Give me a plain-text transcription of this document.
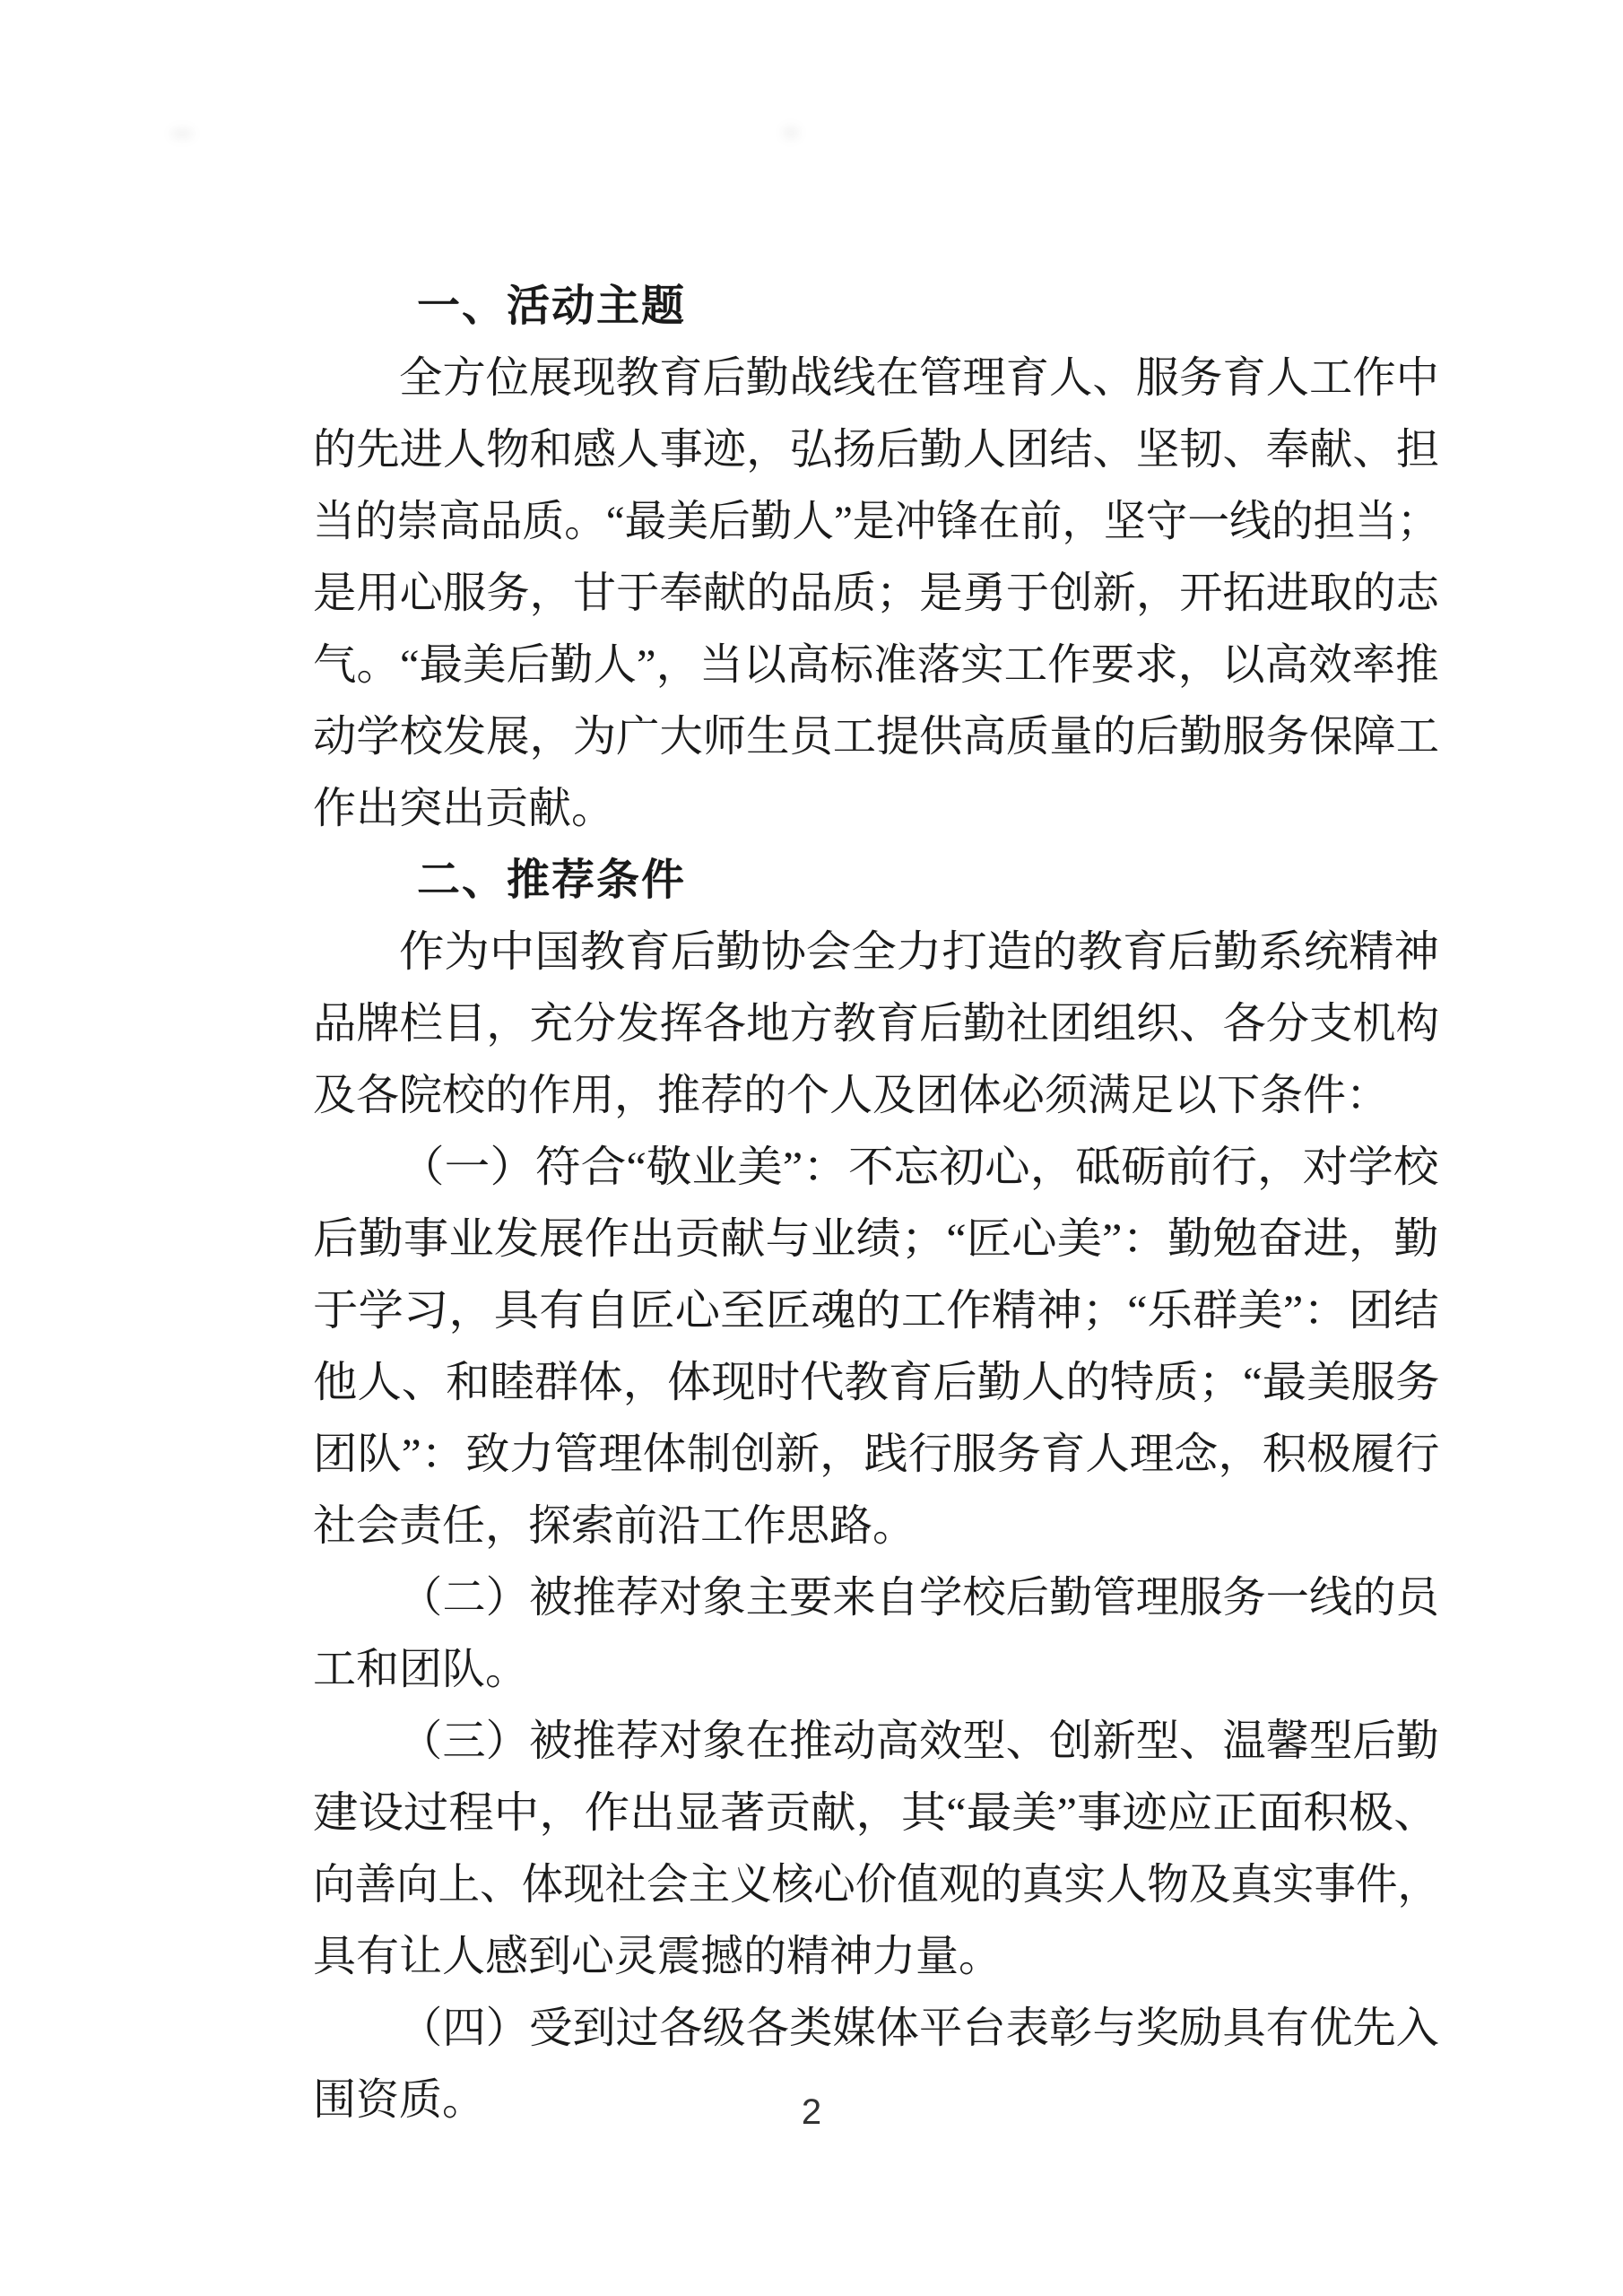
一、活动主题

全方位展现教育后勤战线在管理育人、服务育人工作中

的先进人物和感人事迹，弘扬后勤人团结、坚韧、奉献、担

当的崇高品质。“最美后勤人”是冲锋在前，坚守一线的担当；

是用心服务，甘于奉献的品质；是勇于创新，开拓进取的志

气。“最美后勤人”，当以高标准落实工作要求，以高效率推

动学校发展，为广大师生员工提供高质量的后勤服务保障工

作出突出贡献。

二、推荐条件

作为中国教育后勤协会全力打造的教育后勤系统精神

品牌栏目，充分发挥各地方教育后勤社团组织、各分支机构

及各院校的作用，推荐的个人及团体必须满足以下条件：

（一）符合“敬业美”：不忘初心，砥砺前行，对学校

后勤事业发展作出贡献与业绩；“匠心美”：勤勉奋进，勤

于学习，具有自匠心至匠魂的工作精神；“乐群美”：团结

他人、和睦群体，体现时代教育后勤人的特质；“最美服务

团队”：致力管理体制创新，践行服务育人理念，积极履行

社会责任，探索前沿工作思路。

（二）被推荐对象主要来自学校后勤管理服务一线的员

工和团队。

（三）被推荐对象在推动高效型、创新型、温馨型后勤

建设过程中，作出显著贡献，其“最美”事迹应正面积极、

向善向上、体现社会主义核心价值观的真实人物及真实事件，

具有让人感到心灵震撼的精神力量。

（四）受到过各级各类媒体平台表彰与奖励具有优先入

围资质。
	2
